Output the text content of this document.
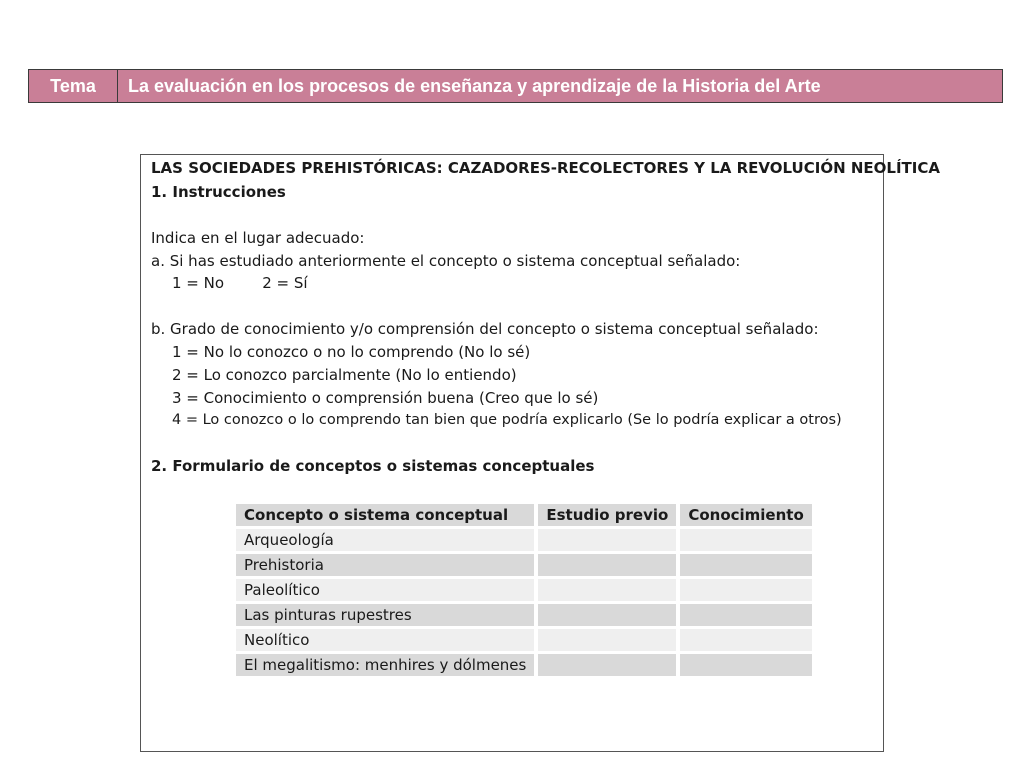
Tema	La evaluación en los procesos de enseñanza y aprendizaje de la Historia del Arte
LAS SOCIEDADES PREHISTÓRICAS: CAZADORES-RECOLECTORES Y LA REVOLUCIÓN NEOLÍTICA
1. Instrucciones
Indica en el lugar adecuado:
a. Si has estudiado anteriormente el concepto o sistema conceptual señalado:
1 = No        2 = Sí
b. Grado de conocimiento y/o comprensión del concepto o sistema conceptual señalado:
1 = No lo conozco o no lo comprendo (No lo sé)
2 = Lo conozco parcialmente (No lo entiendo)
3 = Conocimiento o comprensión buena (Creo que lo sé)
4 = Lo conozco o lo comprendo tan bien que podría explicarlo (Se lo podría explicar a otros)
2. Formulario de conceptos o sistemas conceptuales
Concepto o sistema conceptual	Estudio previo	Conocimiento
Arqueología		
Prehistoria		
Paleolítico		
Las pinturas rupestres		
Neolítico		
El megalitismo: menhires y dólmenes		
